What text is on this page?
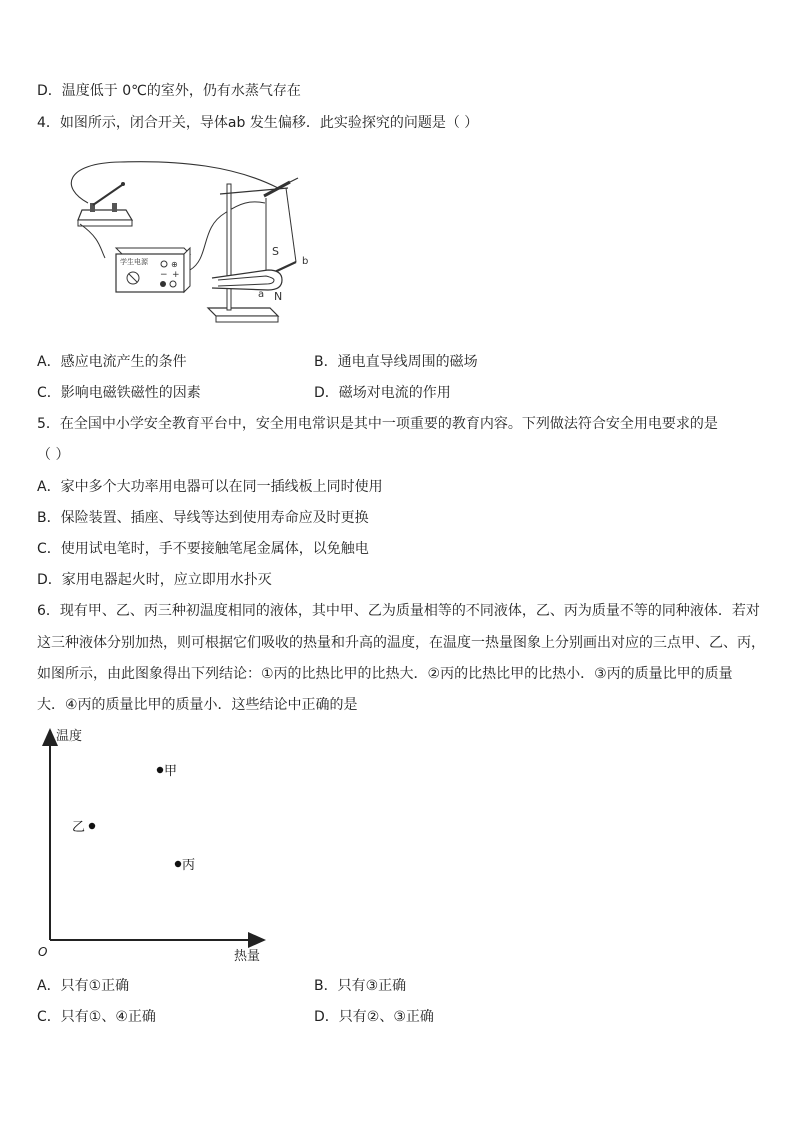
D．温度低于 0℃的室外，仍有水蒸气存在
4．如图所示，闭合开关，导体ab 发生偏移．此实验探究的问题是（ ）
学生电源	⊕
− +
S
b
a N
A．感应电流产生的条件	B．通电直导线周围的磁场
C．影响电磁铁磁性的因素	D．磁场对电流的作用
5．在全国中小学安全教育平台中，安全用电常识是其中一项重要的教育内容。下列做法符合安全用电要求的是
（ ）
A．家中多个大功率用电器可以在同一插线板上同时使用
B．保险装置、插座、导线等达到使用寿命应及时更换
C．使用试电笔时，手不要接触笔尾金属体，以免触电
D．家用电器起火时，应立即用水扑灭
6．现有甲、乙、丙三种初温度相同的液体，其中甲、乙为质量相等的不同液体，乙、丙为质量不等的同种液体．若对
这三种液体分别加热，则可根据它们吸收的热量和升高的温度，在温度一热量图象上分别画出对应的三点甲、乙、丙，
如图所示，由此图象得出下列结论：①丙的比热比甲的比热大．②丙的比热比甲的比热小．③丙的质量比甲的质量
大．④丙的质量比甲的质量小．这些结论中正确的是
温度
热量
O
甲
乙
丙
A．只有①正确	B．只有③正确
C．只有①、④正确	D．只有②、③正确
